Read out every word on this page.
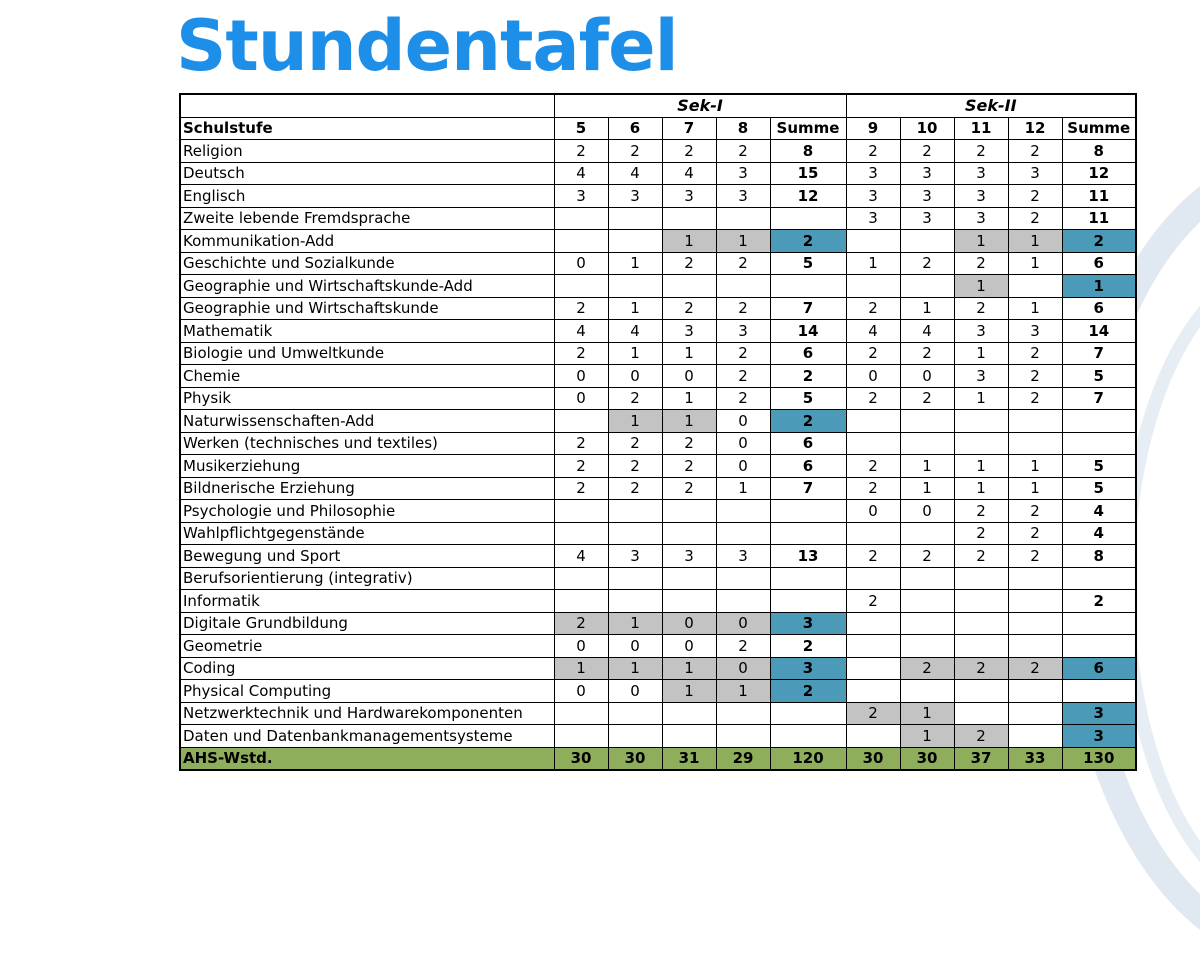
Stundentafel
	Sek-I					Sek-II				
Schulstufe	5	6	7	8	Summe	9	10	11	12	Summe
Religion	2	2	2	2	8	2	2	2	2	8
Deutsch	4	4	4	3	15	3	3	3	3	12
Englisch	3	3	3	3	12	3	3	3	2	11
Zweite lebende Fremdsprache						3	3	3	2	11
Kommunikation-Add			1	1	2			1	1	2
Geschichte und Sozialkunde	0	1	2	2	5	1	2	2	1	6
Geographie und Wirtschaftskunde-Add								1		1
Geographie und Wirtschaftskunde	2	1	2	2	7	2	1	2	1	6
Mathematik	4	4	3	3	14	4	4	3	3	14
Biologie und Umweltkunde	2	1	1	2	6	2	2	1	2	7
Chemie	0	0	0	2	2	0	0	3	2	5
Physik	0	2	1	2	5	2	2	1	2	7
Naturwissenschaften-Add		1	1	0	2					
Werken (technisches und textiles)	2	2	2	0	6					
Musikerziehung	2	2	2	0	6	2	1	1	1	5
Bildnerische Erziehung	2	2	2	1	7	2	1	1	1	5
Psychologie und Philosophie						0	0	2	2	4
Wahlpflichtgegenstände								2	2	4
Bewegung und Sport	4	3	3	3	13	2	2	2	2	8
Berufsorientierung (integrativ)										
Informatik						2				2
Digitale Grundbildung	2	1	0	0	3					
Geometrie	0	0	0	2	2					
Coding	1	1	1	0	3		2	2	2	6
Physical Computing	0	0	1	1	2					
Netzwerktechnik und Hardwarekomponenten						2	1			3
Daten und Datenbankmanagementsysteme							1	2		3
AHS-Wstd.	30	30	31	29	120	30	30	37	33	130
